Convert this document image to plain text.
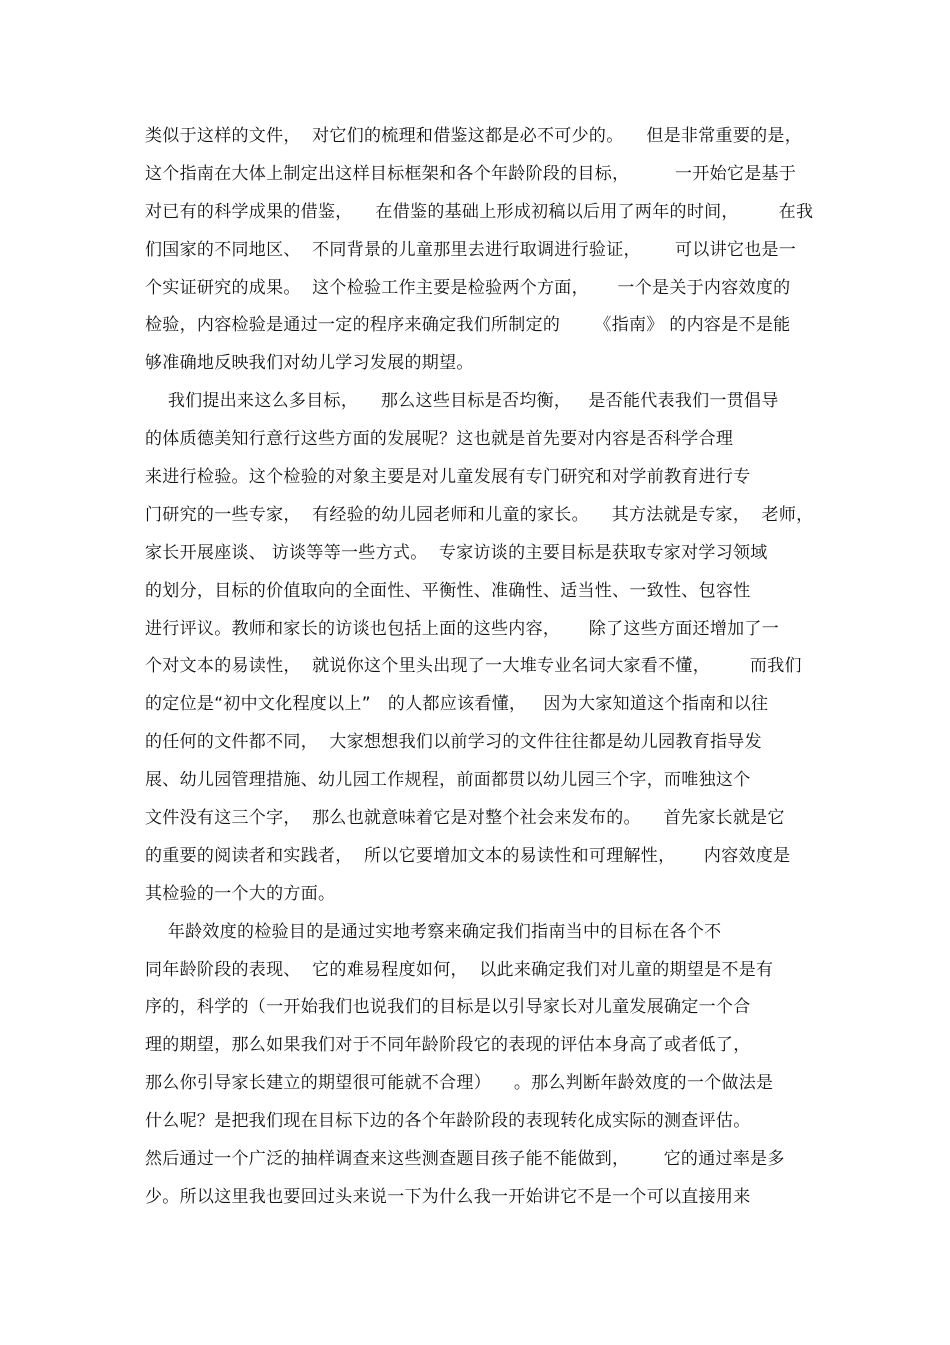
类似于这样的文件，  对它们的梳理和借鉴这都是必不可少的。    但是非常重要的是，
这个指南在大体上制定出这样目标框架和各个年龄阶段的目标，        一开始它是基于
对已有的科学成果的借鉴，    在借鉴的基础上形成初稿以后用了两年的时间，       在我
们国家的不同地区、  不同背景的儿童那里去进行取调进行验证，      可以讲它也是一
个实证研究的成果。  这个检验工作主要是检验两个方面，     一个是关于内容效度的
检验，内容检验是通过一定的程序来确定我们所制定的      《指南》 的内容是不是能
够准确地反映我们对幼儿学习发展的期望。
我们提出来这么多目标，    那么这些目标是否均衡，   是否能代表我们一贯倡导
的体质德美知行意行这些方面的发展呢？这也就是首先要对内容是否科学合理
来进行检验。这个检验的对象主要是对儿童发展有专门研究和对学前教育进行专
门研究的一些专家，  有经验的幼儿园老师和儿童的家长。    其方法就是专家，  老师，
家长开展座谈、 访谈等等一些方式。  专家访谈的主要目标是获取专家对学习领域
的划分，目标的价值取向的全面性、平衡性、准确性、适当性、一致性、包容性
进行评议。教师和家长的访谈也包括上面的这些内容，     除了这些方面还增加了一
个对文本的易读性，  就说你这个里头出现了一大堆专业名词大家看不懂，       而我们
的定位是“初中文化程度以上”   的人都应该看懂，   因为大家知道这个指南和以往
的任何的文件都不同，  大家想想我们以前学习的文件往往都是幼儿园教育指导发
展、幼儿园管理措施、幼儿园工作规程，前面都贯以幼儿园三个字，而唯独这个
文件没有这三个字，  那么也就意味着它是对整个社会来发布的。    首先家长就是它
的重要的阅读者和实践者，  所以它要增加文本的易读性和可理解性，     内容效度是
其检验的一个大的方面。
年龄效度的检验目的是通过实地考察来确定我们指南当中的目标在各个不
同年龄阶段的表现、  它的难易程度如何，  以此来确定我们对儿童的期望是不是有
序的，科学的（一开始我们也说我们的目标是以引导家长对儿童发展确定一个合
理的期望，那么如果我们对于不同年龄阶段它的表现的评估本身高了或者低了，
那么你引导家长建立的期望很可能就不合理）    。那么判断年龄效度的一个做法是
什么呢？是把我们现在目标下边的各个年龄阶段的表现转化成实际的测查评估。
然后通过一个广泛的抽样调查来这些测查题目孩子能不能做到，      它的通过率是多
少。所以这里我也要回过头来说一下为什么我一开始讲它不是一个可以直接用来
